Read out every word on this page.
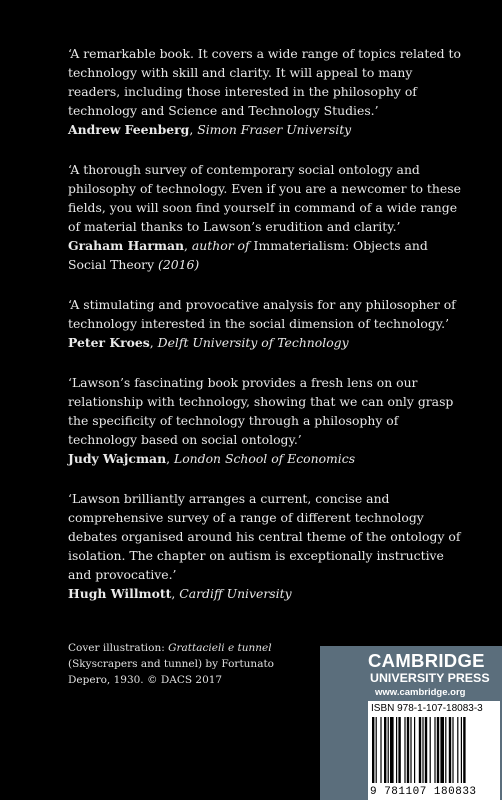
‘A remarkable book. It covers a wide range of topics related to technology with skill and clarity. It will appeal to many readers, including those interested in the philosophy of technology and Science and Technology Studies.’

Andrew Feenberg, Simon Fraser University

‘A thorough survey of contemporary social ontology and philosophy of technology. Even if you are a newcomer to these fields, you will soon find yourself in command of a wide range of material thanks to Lawson’s erudition and clarity.’

Graham Harman, author of Immaterialism: Objects and Social Theory (2016)

‘A stimulating and provocative analysis for any philosopher of technology interested in the social dimension of technology.’

Peter Kroes, Delft University of Technology

‘Lawson’s fascinating book provides a fresh lens on our relationship with technology, showing that we can only grasp the specificity of technology through a philosophy of technology based on social ontology.’

Judy Wajcman, London School of Economics

‘Lawson brilliantly arranges a current, concise and comprehensive survey of a range of different technology debates organised around his central theme of the ontology of isolation. The chapter on autism is exceptionally instructive and provocative.’

Hugh Willmott, Cardiff University

Cover illustration: Grattacieli e tunnel (Skyscrapers and tunnel) by Fortunato Depero, 1930. © DACS 2017
CAMBRIDGE
UNIVERSITY PRESS
www.cambridge.org
ISBN 978-1-107-18083-3
9 781107 180833
